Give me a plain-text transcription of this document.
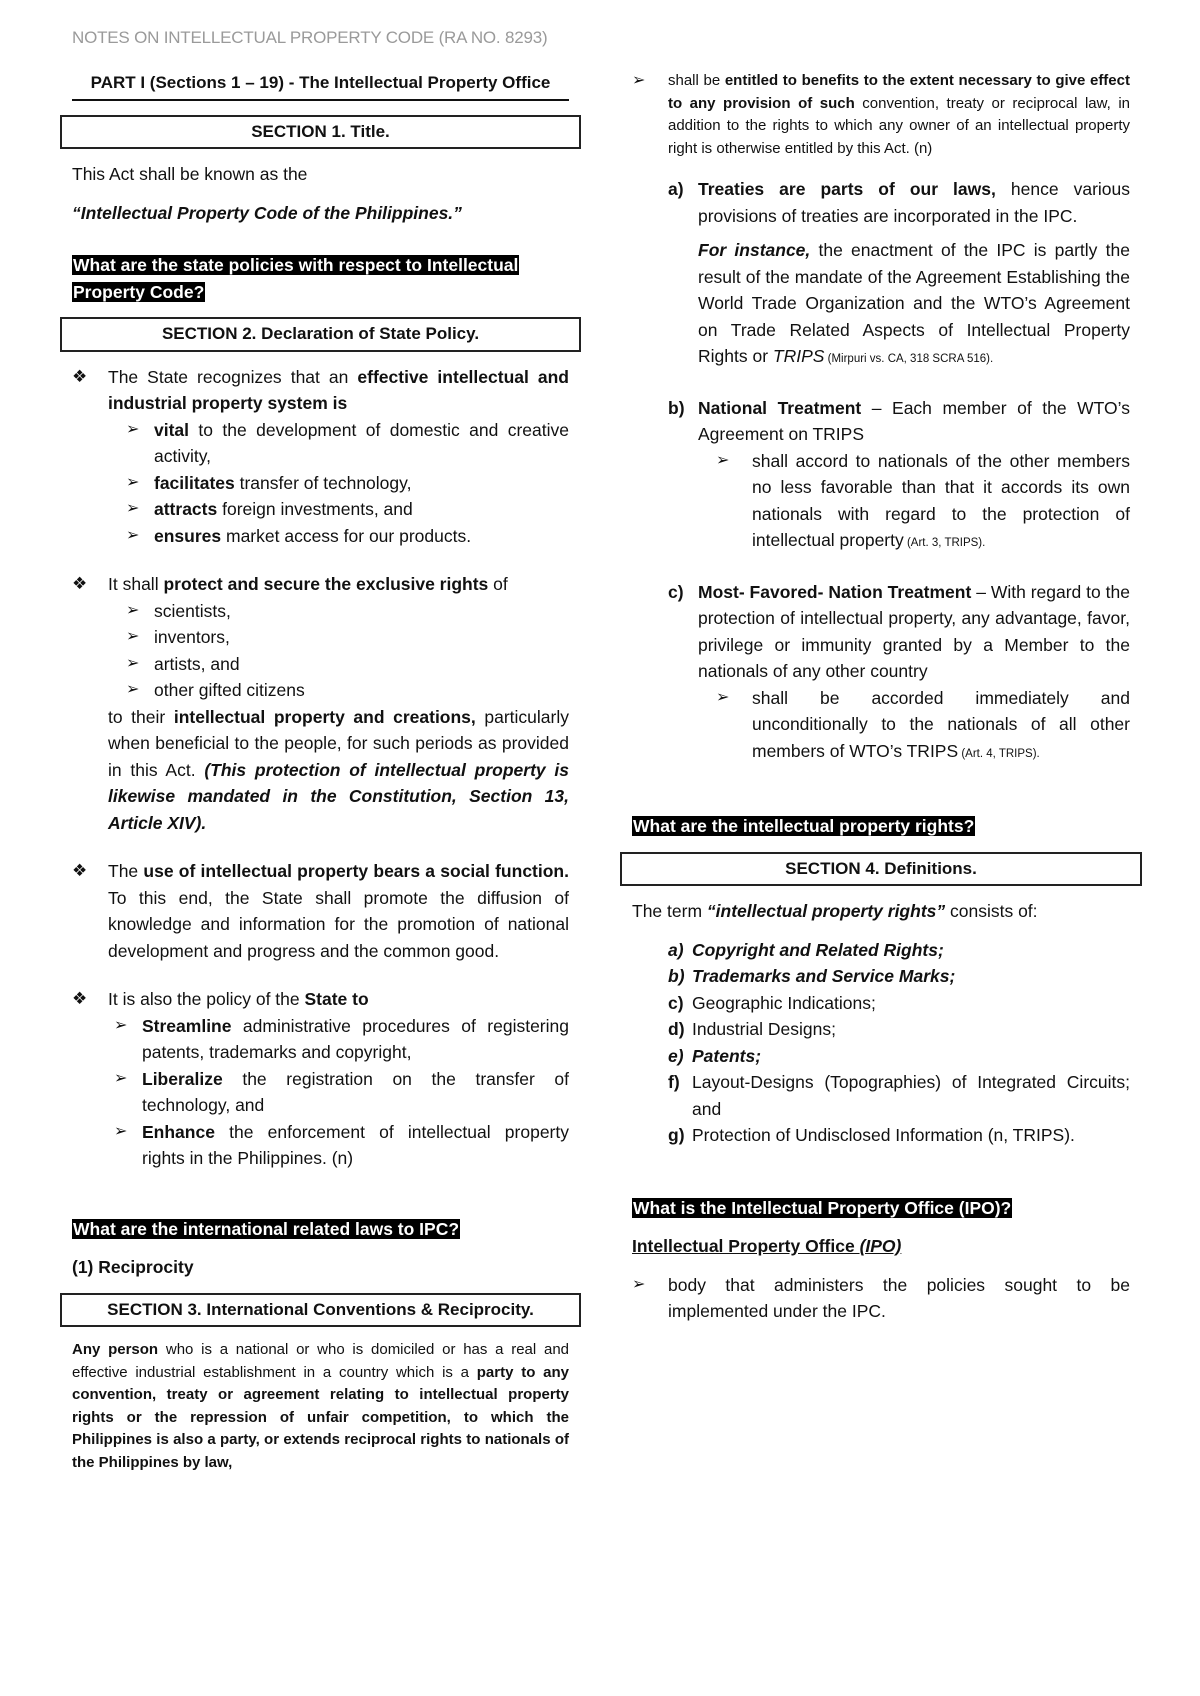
NOTES ON INTELLECTUAL PROPERTY CODE (RA NO. 8293)
PART I (Sections 1 – 19) - The Intellectual Property Office
SECTION 1. Title.

This Act shall be known as the

“Intellectual Property Code of the Philippines.”

What are the state policies with respect to Intellectual Property Code?
SECTION 2. Declaration of State Policy.
❖ The State recognizes that an effective intellectual and industrial property system is
➢ vital to the development of domestic and creative activity,
➢ facilitates transfer of technology,
➢ attracts foreign investments, and
➢ ensures market access for our products.
❖ It shall protect and secure the exclusive rights of
➢ scientists,
➢ inventors,
➢ artists, and
➢ other gifted citizens
to their intellectual property and creations, particularly when beneficial to the people, for such periods as provided in this Act. (This protection of intellectual property is likewise mandated in the Constitution, Section 13, Article XIV).
❖ The use of intellectual property bears a social function. To this end, the State shall promote the diffusion of knowledge and information for the promotion of national development and progress and the common good.
❖ It is also the policy of the State to
➢ Streamline administrative procedures of registering patents, trademarks and copyright,
➢ Liberalize the registration on the transfer of technology, and
➢ Enhance the enforcement of intellectual property rights in the Philippines. (n)
What are the international related laws to IPC?

(1) Reciprocity

SECTION 3. International Conventions & Reciprocity.
Any person who is a national or who is domiciled or has a real and effective industrial establishment in a country which is a party to any convention, treaty or agreement relating to intellectual property rights or the repression of unfair competition, to which the Philippines is also a party, or extends reciprocal rights to nationals of the Philippines by law,
➢ shall be entitled to benefits to the extent necessary to give effect to any provision of such convention, treaty or reciprocal law, in addition to the rights to which any owner of an intellectual property right is otherwise entitled by this Act. (n)
a) Treaties are parts of our laws, hence various provisions of treaties are incorporated in the IPC.
For instance, the enactment of the IPC is partly the result of the mandate of the Agreement Establishing the World Trade Organization and the WTO’s Agreement on Trade Related Aspects of Intellectual Property Rights or TRIPS (Mirpuri vs. CA, 318 SCRA 516).
b) National Treatment – Each member of the WTO’s Agreement on TRIPS
➢ shall accord to nationals of the other members no less favorable than that it accords its own nationals with regard to the protection of intellectual property (Art. 3, TRIPS).
c) Most- Favored- Nation Treatment – With regard to the protection of intellectual property, any advantage, favor, privilege or immunity granted by a Member to the nationals of any other country
➢ shall be accorded immediately and unconditionally to the nationals of all other members of WTO’s TRIPS (Art. 4, TRIPS).
What are the intellectual property rights?
SECTION 4. Definitions.

The term “intellectual property rights” consists of:

a) Copyright and Related Rights;
b) Trademarks and Service Marks;
c) Geographic Indications;
d) Industrial Designs;
e) Patents;
f) Layout-Designs (Topographies) of Integrated Circuits; and
g) Protection of Undisclosed Information (n, TRIPS).
What is the Intellectual Property Office (IPO)?

Intellectual Property Office (IPO)

➢ body that administers the policies sought to be implemented under the IPC.
